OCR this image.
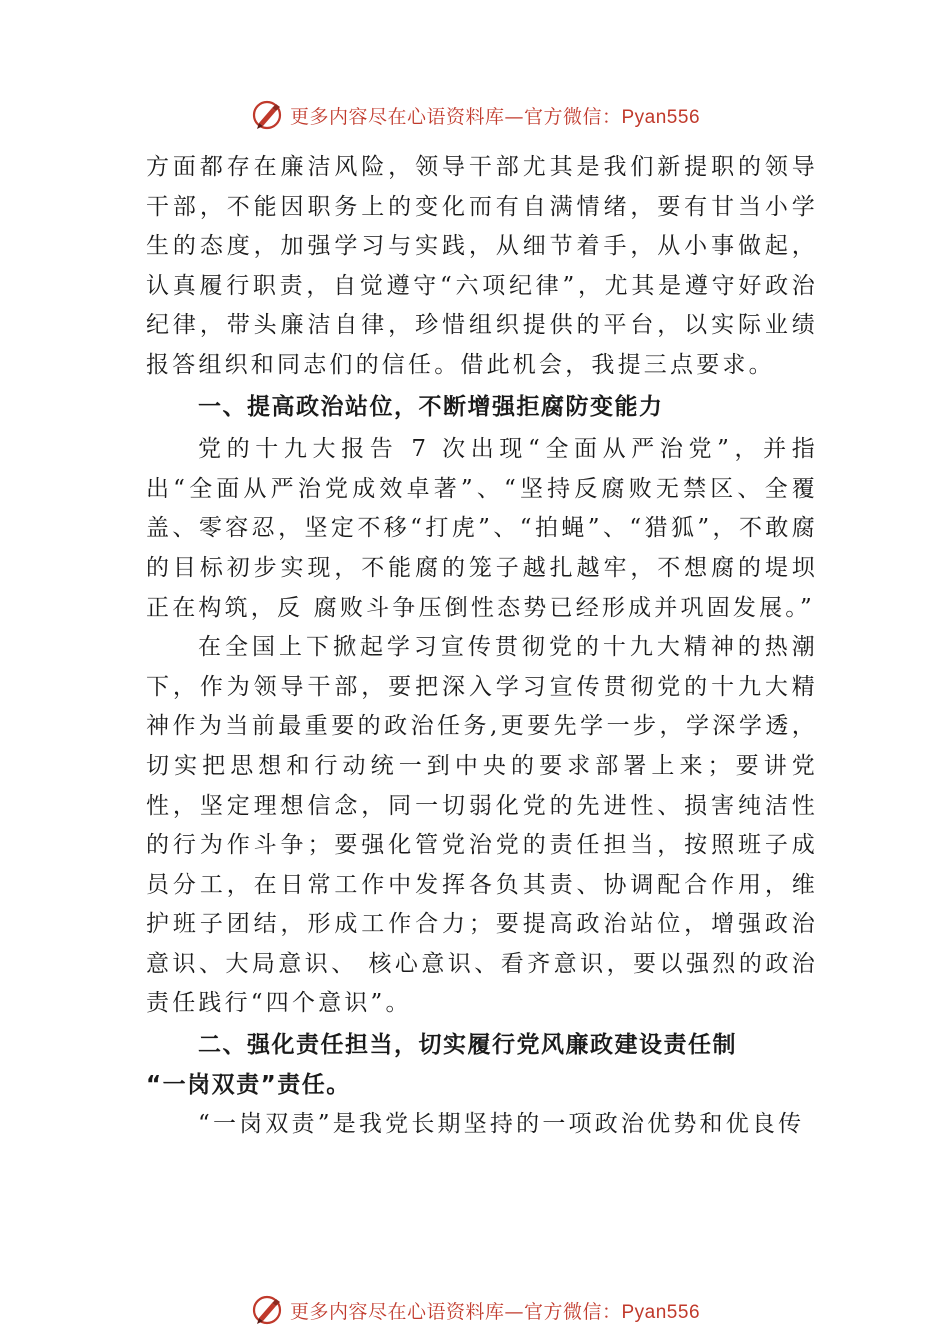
更多内容尽在心语资料库—官方微信：Pyan556

方面都存在廉洁风险，领导干部尤其是我们新提职的领导干部，不能因职务上的变化而有自满情绪，要有甘当小学生的态度，加强学习与实践，从细节着手，从小事做起，认真履行职责，自觉遵守“六项纪律”，尤其是遵守好政治纪律，带头廉洁自律，珍惜组织提供的平台，以实际业绩报答组织和同志们的信任。借此机会，我提三点要求。

一、提高政治站位，不断增强拒腐防变能力

党的十九大报告 7 次出现“全面从严治党”，并指出“全面从严治党成效卓著”、“坚持反腐败无禁区、全覆盖、零容忍，坚定不移“打虎”、“拍蝇”、“猎狐”，不敢腐的目标初步实现，不能腐的笼子越扎越牢，不想腐的堤坝正在构筑，反 腐败斗争压倒性态势已经形成并巩固发展。”

在全国上下掀起学习宣传贯彻党的十九大精神的热潮下，作为领导干部，要把深入学习宣传贯彻党的十九大精神作为当前最重要的政治任务,更要先学一步，学深学透，切实把思想和行动统一到中央的要求部署上来；要讲党性，坚定理想信念，同一切弱化党的先进性、损害纯洁性的行为作斗争；要强化管党治党的责任担当，按照班子成员分工，在日常工作中发挥各负其责、协调配合作用，维护班子团结，形成工作合力；要提高政治站位，增强政治意识、大局意识、 核心意识、看齐意识，要以强烈的政治责任践行“四个意识”。

二、强化责任担当，切实履行党风廉政建设责任制
“一岗双责”责任。

“一岗双责”是我党长期坚持的一项政治优势和优良传

更多内容尽在心语资料库—官方微信：Pyan556
